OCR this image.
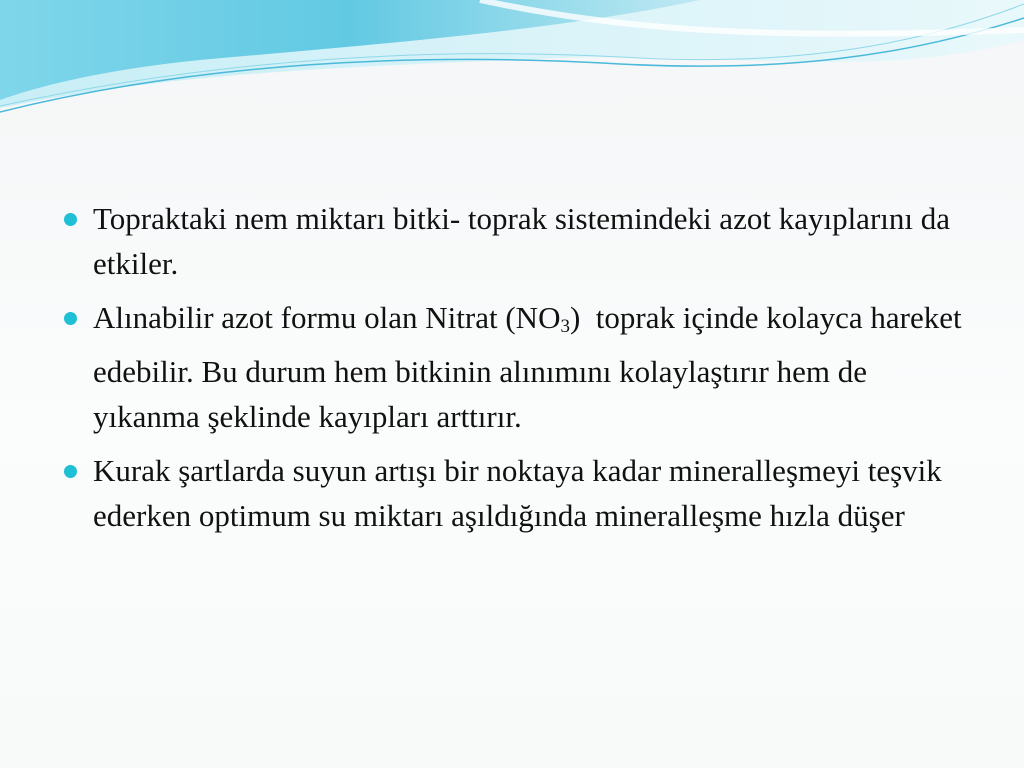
Topraktaki nem miktarı bitki- toprak sistemindeki azot kayıplarını da etkiler.
Alınabilir azot formu olan Nitrat $(NO_3)$  toprak içinde kolayca hareket edebilir. Bu durum hem bitkinin alınımını kolaylaştırır hem de yıkanma şeklinde kayıpları arttırır.
Kurak şartlarda suyun artışı bir noktaya kadar mineralleşmeyi teşvik ederken optimum su miktarı aşıldığında mineralleşme hızla düşer
